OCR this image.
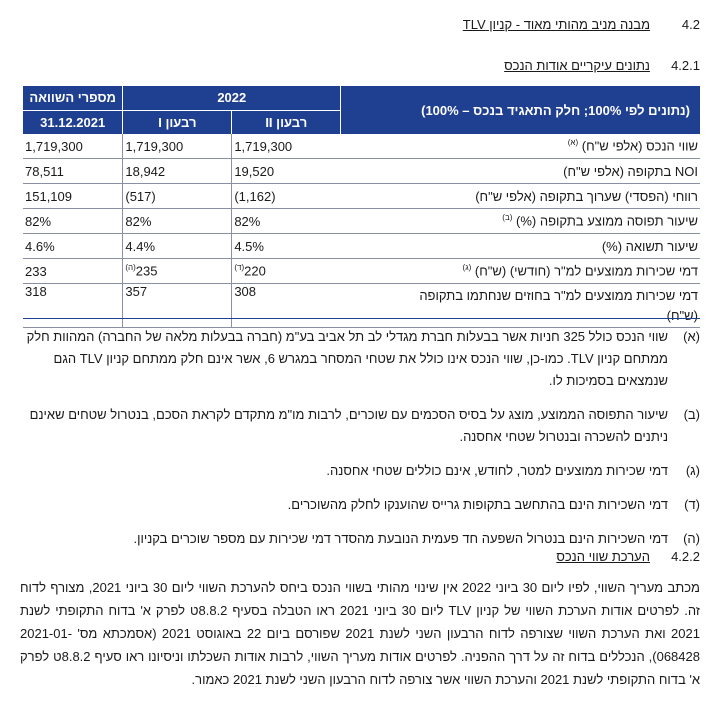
4.2מבנה מניב מהותי מאוד - קניון TLV
4.2.1נתונים עיקריים אודות הנכס
(נתונים לפי 100%; חלק התאגיד בנכס – 100%)	2022		מספרי השוואה
	רבעון II	רבעון I	31.12.2021
שווי הנכס (אלפי ש"ח) $^{(א)}$	1,719,300	1,719,300	1,719,300
NOI בתקופה (אלפי ש"ח)	19,520	18,942	78,511
רווחי (הפסדי) שערוך בתקופה (אלפי ש"ח)	(1,162)	(517)	151,109
שיעור תפוסה ממוצע בתקופה (%) $^{(ב)}$	82%	82%	82%
שיעור תשואה (%)	4.5%	4.4%	4.6%
דמי שכירות ממוצעים למ"ר (חודשי) (ש"ח) $^{(ג)}$	$^{(ד)}$220	$^{(ה)}$235	233
דמי שכירות ממוצעים למ"ר בחוזים שנחתמו בתקופה
(ש"ח)	308	357	318
(א)
שווי הנכס כולל 325 חניות אשר בבעלות חברת מגדלי לב תל אביב בע"מ (חברה בבעלות מלאה של החברה) המהוות חלק ממתחם קניון TLV. כמו-כן, שווי הנכס אינו כולל את שטחי המסחר במגרש 6, אשר אינם חלק ממתחם קניון TLV הגם שנמצאים בסמיכות לו.
(ב)
שיעור התפוסה הממוצע, מוצג על בסיס הסכמים עם שוכרים, לרבות מו"מ מתקדם לקראת הסכם, בנטרול שטחים שאינם ניתנים להשכרה ובנטרול שטחי אחסנה.
(ג)
דמי שכירות ממוצעים למטר, לחודש, אינם כוללים שטחי אחסנה.
(ד)
דמי השכירות הינם בהתחשב בתקופות גרייס שהוענקו לחלק מהשוכרים.
(ה)
דמי השכירות הינם בנטרול השפעה חד פעמית הנובעת מהסדר דמי שכירות עם מספר שוכרים בקניון.
4.2.2הערכת שווי הנכס
מכתב מעריך השווי, לפיו ליום 30 ביוני 2022 אין שינוי מהותי בשווי הנכס ביחס להערכת השווי ליום 30 ביוני 2021, מצורף לדוח זה. לפרטים אודות הערכת השווי של קניון TLV ליום 30 ביוני 2021 ראו הטבלה בסעיף 8.8.2ט לפרק א' בדוח התקופתי לשנת 2021 ואת הערכת השווי שצורפה לדוח הרבעון השני לשנת 2021 שפורסם ביום 22 באוגוסט 2021 (אסמכתא מס' 2021-01-068428), הנכללים בדוח זה על דרך ההפניה. לפרטים אודות מעריך השווי, לרבות אודות השכלתו וניסיונו ראו סעיף 8.8.2ט לפרק א' בדוח התקופתי לשנת 2021 והערכת השווי אשר צורפה לדוח הרבעון השני לשנת 2021 כאמור.
